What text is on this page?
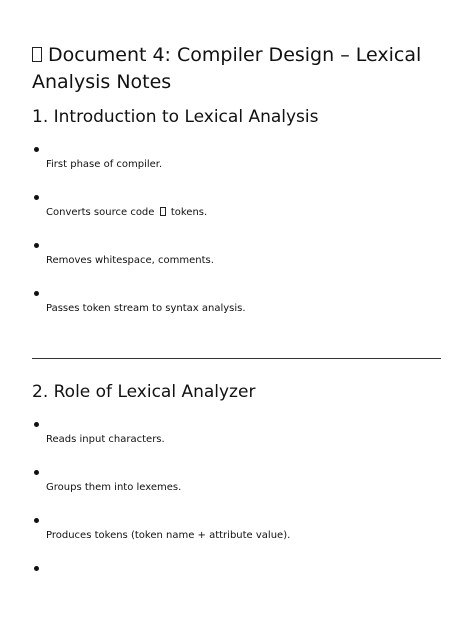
Document 4: Compiler Design – Lexical Analysis Notes
1. Introduction to Lexical Analysis
First phase of compiler.
Converts source code tokens.
Removes whitespace, comments.
Passes token stream to syntax analysis.
2. Role of Lexical Analyzer
Reads input characters.
Groups them into lexemes.
Produces tokens (token name + attribute value).
